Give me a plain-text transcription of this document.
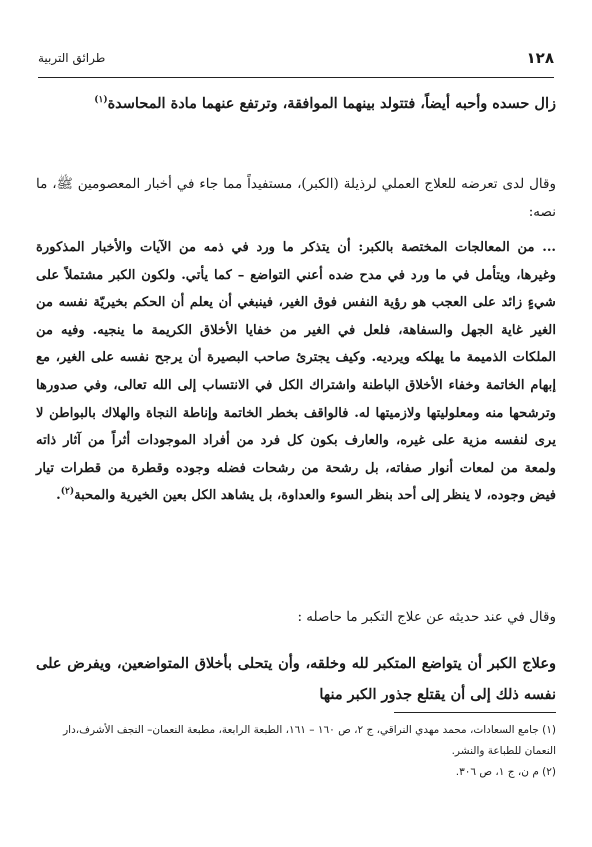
١٢٨
طرائق التربية

زال حسده وأحبه أيضاً، فتتولد بينهما الموافقة، وترتفع عنهما مادة المحاسدة$^{(١)}$

وقال لدى تعرضه للعلاج العملي لرذيلة (الكبر)، مستفيداً مما جاء في أخبار المعصومين ﷺ، ما نصه:

... من المعالجات المختصة بالكبر: أن يتذكر ما ورد في ذمه من الآيات والأخبار المذكورة وغيرها، ويتأمل في ما ورد في مدح ضده أعني التواضع – كما يأتي. ولكون الكبر مشتملاً على شيءٍ زائد على العجب هو رؤية النفس فوق الغير، فينبغي أن يعلم أن الحكم بخيريّة نفسه من الغير غاية الجهل والسفاهة، فلعل في الغير من خفايا الأخلاق الكريمة ما ينجيه. وفيه من الملكات الذميمة ما يهلكه ويرديه. وكيف يجترئ صاحب البصيرة أن يرجح نفسه على الغير، مع إبهام الخاتمة وخفاء الأخلاق الباطنة واشتراك الكل في الانتساب إلى الله تعالى، وفي صدورها وترشحها منه ومعلوليتها ولازميتها له. فالواقف بخطر الخاتمة وإناطة النجاة والهلاك بالبواطن لا يرى لنفسه مزية على غيره، والعارف بكون كل فرد من أفراد الموجودات أثراً من آثار ذاته ولمعة من لمعات أنوار صفاته، بل رشحة من رشحات فضله وجوده وقطرة من قطرات تيار فيض وجوده، لا ينظر إلى أحد بنظر السوء والعداوة، بل يشاهد الكل بعين الخيرية والمحبة$^{(٢)}$.

وقال في عند حديثه عن علاج التكبر ما حاصله :

وعلاج الكبر أن يتواضع المتكبر لله وخلقه، وأن يتحلى بأخلاق المتواضعين، ويفرض على نفسه ذلك إلى أن يقتلع جذور الكبر منها

(١) جامع السعادات، محمد مهدي النراقي، ج ٢، ص ١٦٠ – ١٦١، الطبعة الرابعة، مطبعة النعمان– النجف الأشرف،دار النعمان للطباعة والنشر.

(٢) م ن، ج ١، ص ٣٠٦.
